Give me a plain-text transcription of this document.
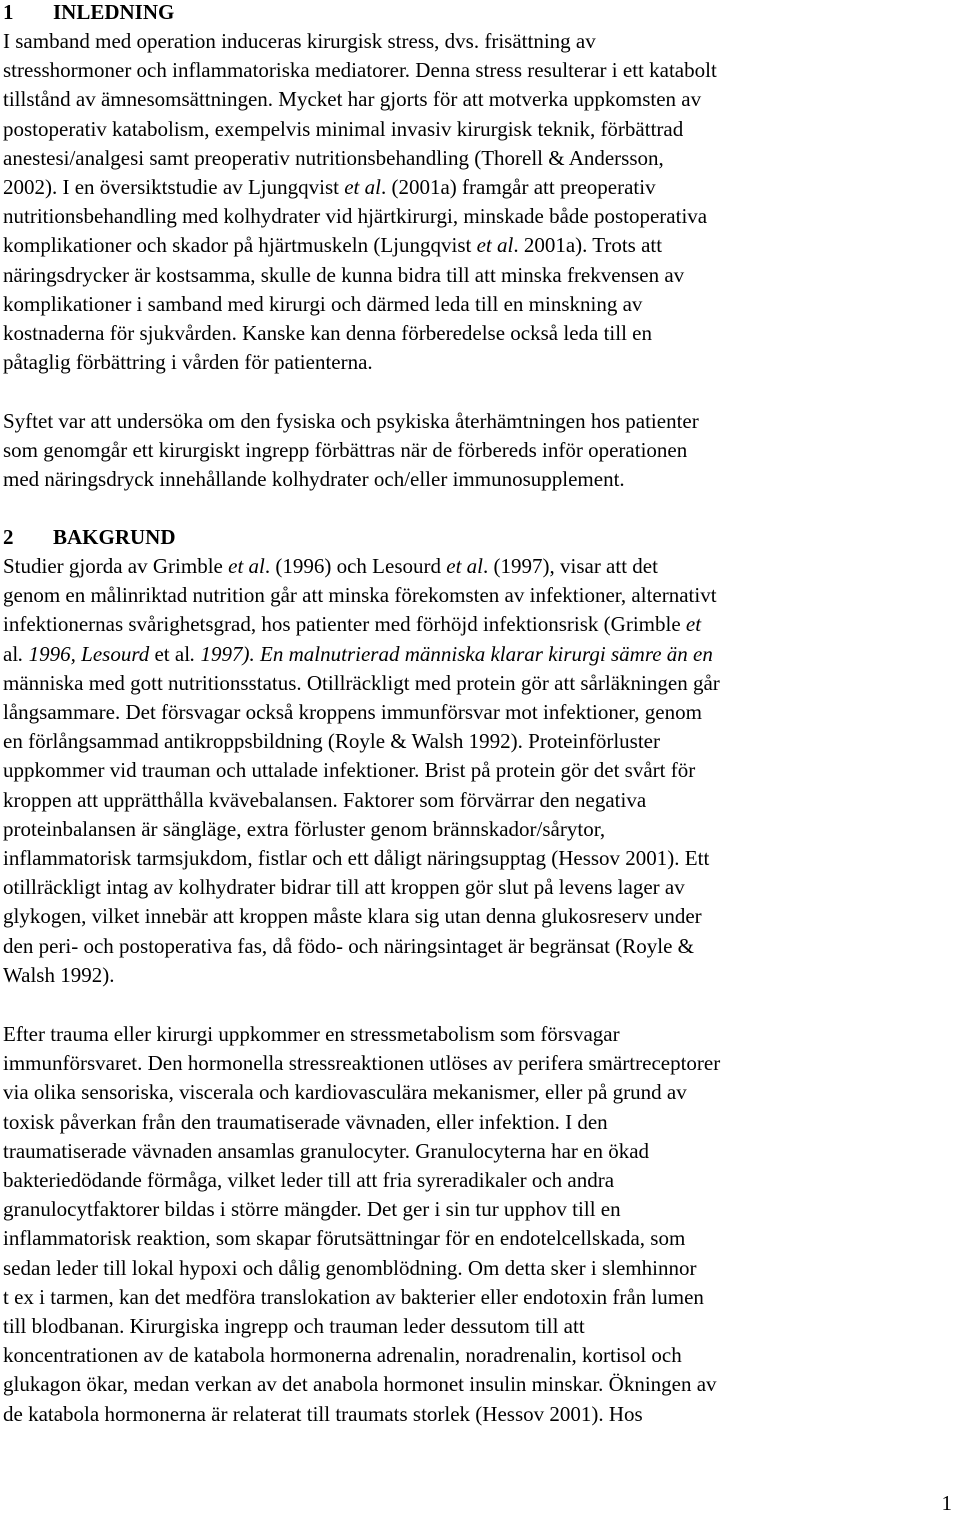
1 INLEDNING
I samband med operation induceras kirurgisk stress, dvs. frisättning av
stresshormoner och inflammatoriska mediatorer. Denna stress resulterar i ett katabolt
tillstånd av ämnesomsättningen. Mycket har gjorts för att motverka uppkomsten av
postoperativ katabolism, exempelvis minimal invasiv kirurgisk teknik, förbättrad
anestesi/analgesi samt preoperativ nutritionsbehandling (Thorell & Andersson,
2002). I en översiktstudie av Ljungqvist et al. (2001a) framgår att preoperativ
nutritionsbehandling med kolhydrater vid hjärtkirurgi, minskade både postoperativa
komplikationer och skador på hjärtmuskeln (Ljungqvist et al. 2001a). Trots att
näringsdrycker är kostsamma, skulle de kunna bidra till att minska frekvensen av
komplikationer i samband med kirurgi och därmed leda till en minskning av
kostnaderna för sjukvården. Kanske kan denna förberedelse också leda till en
påtaglig förbättring i vården för patienterna.
Syftet var att undersöka om den fysiska och psykiska återhämtningen hos patienter
som genomgår ett kirurgiskt ingrepp förbättras när de förbereds inför operationen
med näringsdryck innehållande kolhydrater och/eller immunosupplement.
2 BAKGRUND
Studier gjorda av Grimble et al. (1996) och Lesourd et al. (1997), visar att det
genom en målinriktad nutrition går att minska förekomsten av infektioner, alternativt
infektionernas svårighetsgrad, hos patienter med förhöjd infektionsrisk (Grimble et
al. 1996, Lesourd et al. 1997). En malnutrierad människa klarar kirurgi sämre än en
människa med gott nutritionsstatus. Otillräckligt med protein gör att sårläkningen går
långsammare. Det försvagar också kroppens immunförsvar mot infektioner, genom
en förlångsammad antikroppsbildning (Royle & Walsh 1992). Proteinförluster
uppkommer vid trauman och uttalade infektioner. Brist på protein gör det svårt för
kroppen att upprätthålla kvävebalansen. Faktorer som förvärrar den negativa
proteinbalansen är sängläge, extra förluster genom brännskador/sårytor,
inflammatorisk tarmsjukdom, fistlar och ett dåligt näringsupptag (Hessov 2001). Ett
otillräckligt intag av kolhydrater bidrar till att kroppen gör slut på levens lager av
glykogen, vilket innebär att kroppen måste klara sig utan denna glukosreserv under
den peri- och postoperativa fas, då födo- och näringsintaget är begränsat (Royle &
Walsh 1992).
Efter trauma eller kirurgi uppkommer en stressmetabolism som försvagar
immunförsvaret. Den hormonella stressreaktionen utlöses av perifera smärtreceptorer
via olika sensoriska, viscerala och kardiovasculära mekanismer, eller på grund av
toxisk påverkan från den traumatiserade vävnaden, eller infektion. I den
traumatiserade vävnaden ansamlas granulocyter. Granulocyterna har en ökad
bakteriedödande förmåga, vilket leder till att fria syreradikaler och andra
granulocytfaktorer bildas i större mängder. Det ger i sin tur upphov till en
inflammatorisk reaktion, som skapar förutsättningar för en endotelcellskada, som
sedan leder till lokal hypoxi och dålig genomblödning. Om detta sker i slemhinnor
t ex i tarmen, kan det medföra translokation av bakterier eller endotoxin från lumen
till blodbanan. Kirurgiska ingrepp och trauman leder dessutom till att
koncentrationen av de katabola hormonerna adrenalin, noradrenalin, kortisol och
glukagon ökar, medan verkan av det anabola hormonet insulin minskar. Ökningen av
de katabola hormonerna är relaterat till traumats storlek (Hessov 2001). Hos
1
